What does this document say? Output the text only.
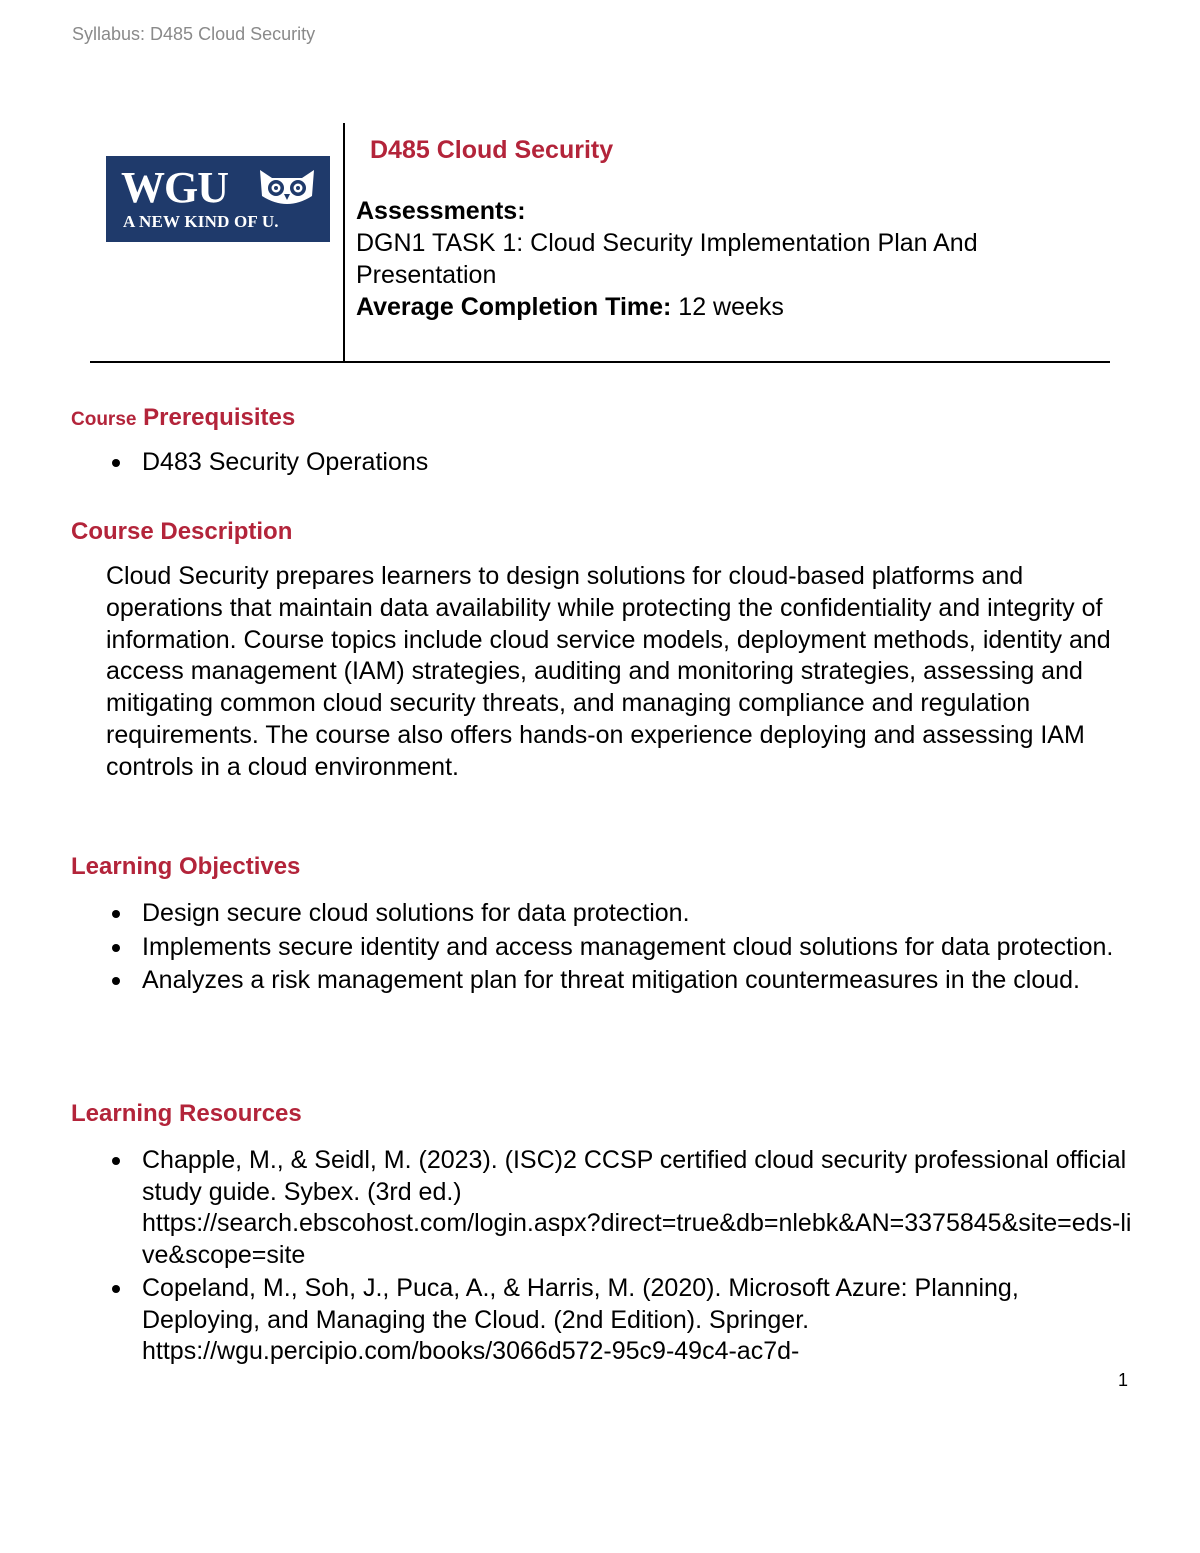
Syllabus: D485 Cloud Security
WGU
A NEW KIND OF U.
D485 Cloud Security

Assessments:

DGN1 TASK 1: Cloud Security Implementation Plan And Presentation

Average Completion Time: 12 weeks

Course Prerequisites
D483 Security Operations
Course Description

Cloud Security prepares learners to design solutions for cloud-based platforms and operations that maintain data availability while protecting the confidentiality and integrity of information. Course topics include cloud service models, deployment methods, identity and access management (IAM) strategies, auditing and monitoring strategies, assessing and mitigating common cloud security threats, and managing compliance and regulation requirements. The course also offers hands-on experience deploying and assessing IAM controls in a cloud environment.

Learning Objectives
Design secure cloud solutions for data protection.
Implements secure identity and access management cloud solutions for data protection.
Analyzes a risk management plan for threat mitigation countermeasures in the cloud.
Learning Resources
Chapple, M., & Seidl, M. (2023). (ISC)2 CCSP certified cloud security professional official study guide. Sybex. (3rd ed.)
https://search.ebscohost.com/login.aspx?direct=true&db=nlebk&AN=3375845&site=eds-live&scope=site
Copeland, M., Soh, J., Puca, A., & Harris, M. (2020). Microsoft Azure: Planning, Deploying, and Managing the Cloud. (2nd Edition). Springer.
https://wgu.percipio.com/books/3066d572-95c9-49c4-ac7d-
1
